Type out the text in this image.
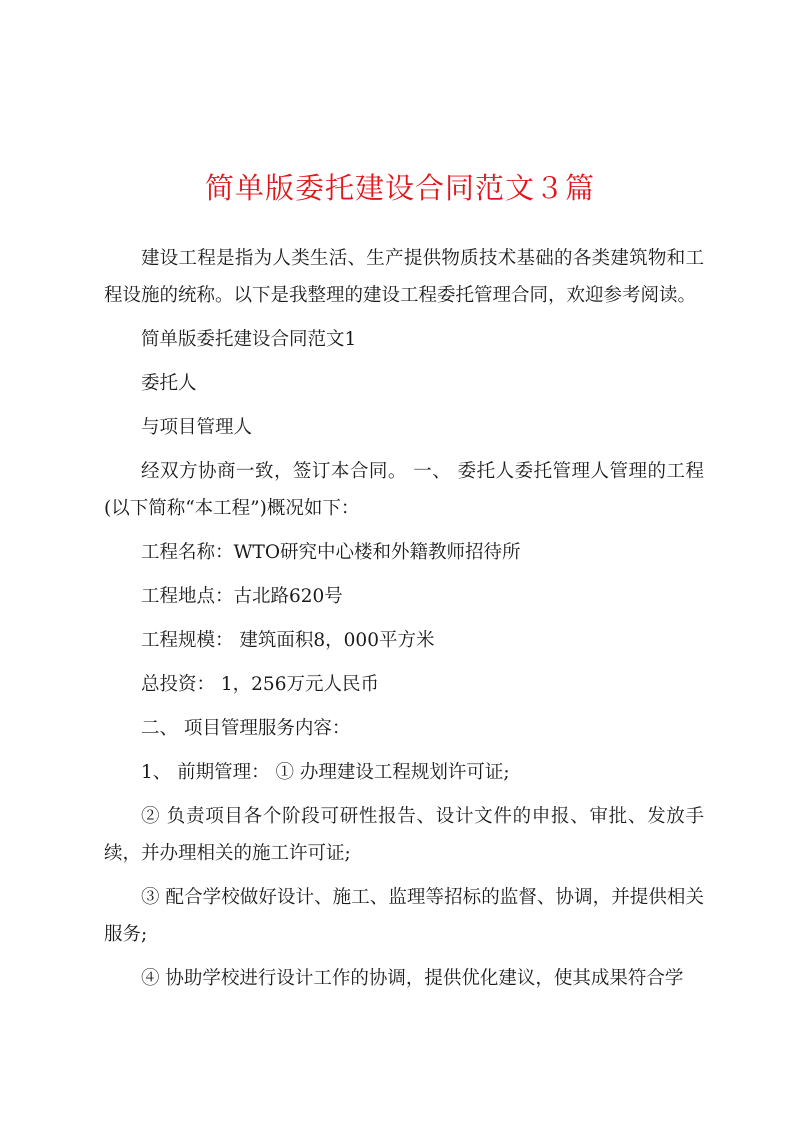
简单版委托建设合同范文３篇

建设工程是指为人类生活、生产提供物质技术基础的各类建筑物和工程设施的统称。以下是我整理的建设工程委托管理合同，欢迎参考阅读。

简单版委托建设合同范文1

委托人

与项目管理人

经双方协商一致，签订本合同。 一、 委托人委托管理人管理的工程(以下简称“本工程”)概况如下：

工程名称：WTO研究中心楼和外籍教师招待所

工程地点：古北路620号

工程规模： 建筑面积8，000平方米

总投资： 1，256万元人民币

二、 项目管理服务内容：

1、 前期管理： ① 办理建设工程规划许可证;

② 负责项目各个阶段可研性报告、设计文件的申报、审批、发放手续，并办理相关的施工许可证;

③ 配合学校做好设计、施工、监理等招标的监督、协调，并提供相关服务;

④ 协助学校进行设计工作的协调，提供优化建议，使其成果符合学
